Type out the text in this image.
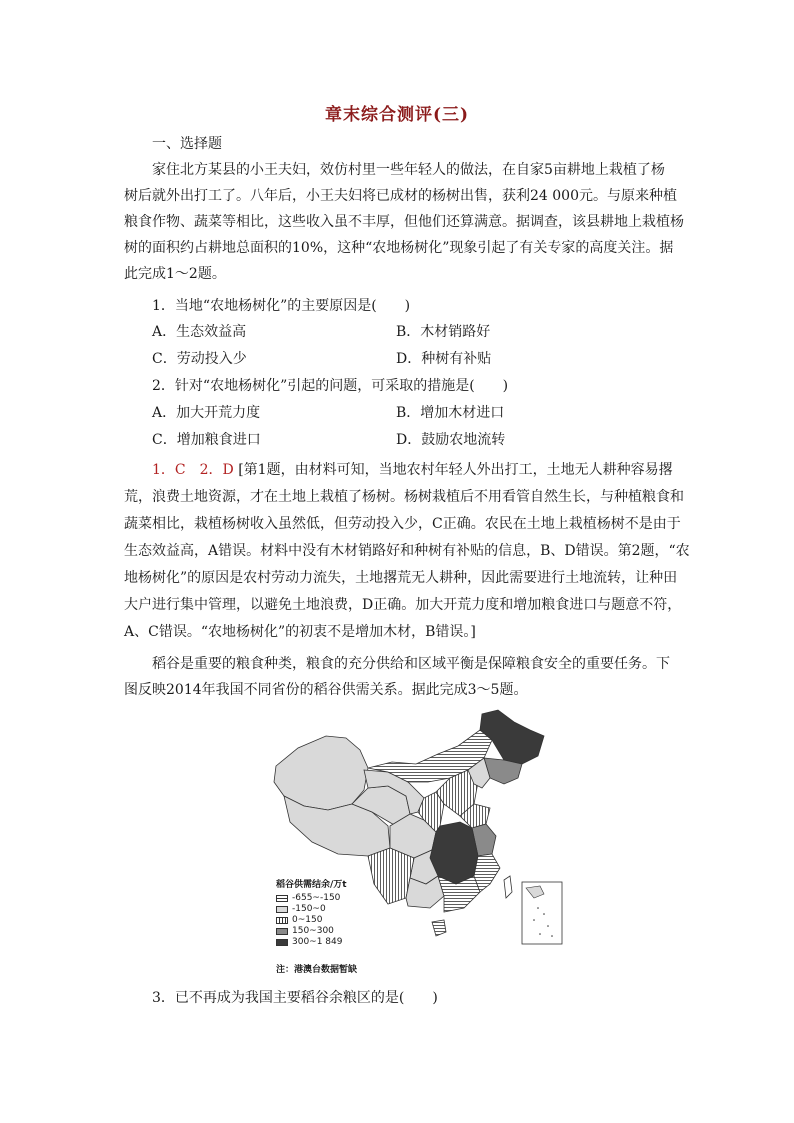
章末综合测评(三)
一、选择题
家住北方某县的小王夫妇，效仿村里一些年轻人的做法，在自家5亩耕地上栽植了杨
树后就外出打工了。八年后，小王夫妇将已成材的杨树出售，获利24 000元。与原来种植
粮食作物、蔬菜等相比，这些收入虽不丰厚，但他们还算满意。据调查，该县耕地上栽植杨
树的面积约占耕地总面积的10%，这种“农地杨树化”现象引起了有关专家的高度关注。据
此完成1～2题。
1．当地“农地杨树化”的主要原因是(　　)
A．生态效益高	B．木材销路好
C．劳动投入少	D．种树有补贴
2．针对“农地杨树化”引起的问题，可采取的措施是(　　)
A．加大开荒力度	B．增加木材进口
C．增加粮食进口	D．鼓励农地流转
1．C　2．D [第1题，由材料可知，当地农村年轻人外出打工，土地无人耕种容易撂
荒，浪费土地资源，才在土地上栽植了杨树。杨树栽植后不用看管自然生长，与种植粮食和
蔬菜相比，栽植杨树收入虽然低，但劳动投入少，C正确。农民在土地上栽植杨树不是由于
生态效益高，A错误。材料中没有木材销路好和种树有补贴的信息，B、D错误。第2题，“农
地杨树化”的原因是农村劳动力流失，土地撂荒无人耕种，因此需要进行土地流转，让种田
大户进行集中管理，以避免土地浪费，D正确。加大开荒力度和增加粮食进口与题意不符，
A、C错误。“农地杨树化”的初衷不是增加木材，B错误。]
稻谷是重要的粮食种类，粮食的充分供给和区域平衡是保障粮食安全的重要任务。下
图反映2014年我国不同省份的稻谷供需关系。据此完成3～5题。
稻谷供需结余/万t
-655~-150
-150~0
0~150
150~300
300~1 849
注：港澳台数据暂缺
3．已不再成为我国主要稻谷余粮区的是(　　)
